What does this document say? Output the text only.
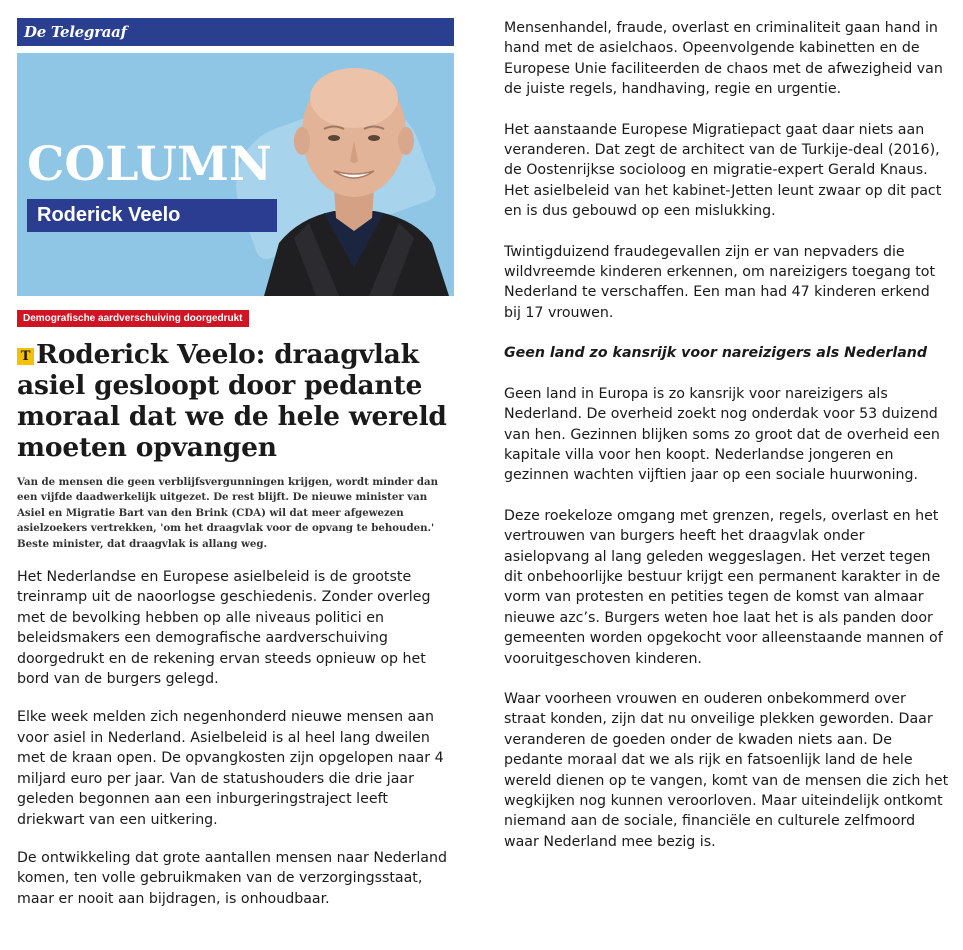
De Telegraaf
COLUMN
Roderick Veelo
Demografische aardverschuiving doorgedrukt
T Roderick Veelo: draagvlak asiel gesloopt door pedante moraal dat we de hele wereld moeten opvangen

Van de mensen die geen verblijfsvergunningen krijgen, wordt minder dan een vijfde daadwerkelijk uitgezet. De rest blijft. De nieuwe minister van Asiel en Migratie Bart van den Brink (CDA) wil dat meer afgewezen asielzoekers vertrekken, 'om het draagvlak voor de opvang te behouden.' Beste minister, dat draagvlak is allang weg.

Het Nederlandse en Europese asielbeleid is de grootste treinramp uit de naoorlogse geschiedenis. Zonder overleg met de bevolking hebben op alle niveaus politici en beleidsmakers een demografische aardverschuiving doorgedrukt en de rekening ervan steeds opnieuw op het bord van de burgers gelegd.

Elke week melden zich negenhonderd nieuwe mensen aan voor asiel in Nederland. Asielbeleid is al heel lang dweilen met de kraan open. De opvangkosten zijn opgelopen naar 4 miljard euro per jaar. Van de statushouders die drie jaar geleden begonnen aan een inburgeringstraject leeft driekwart van een uitkering.

De ontwikkeling dat grote aantallen mensen naar Nederland komen, ten volle gebruikmaken van de verzorgingsstaat, maar er nooit aan bijdragen, is onhoudbaar.

Mensenhandel, fraude, overlast en criminaliteit gaan hand in hand met de asielchaos. Opeenvolgende kabinetten en de Europese Unie faciliteerden de chaos met de afwezigheid van de juiste regels, handhaving, regie en urgentie.

Het aanstaande Europese Migratiepact gaat daar niets aan veranderen. Dat zegt de architect van de Turkije-deal (2016), de Oostenrijkse socioloog en migratie-expert Gerald Knaus. Het asielbeleid van het kabinet-Jetten leunt zwaar op dit pact en is dus gebouwd op een mislukking.

Twintigduizend fraudegevallen zijn er van nepvaders die wildvreemde kinderen erkennen, om nareizigers toegang tot Nederland te verschaffen. Een man had 47 kinderen erkend bij 17 vrouwen.

Geen land zo kansrijk voor nareizigers als Nederland

Geen land in Europa is zo kansrijk voor nareizigers als Nederland. De overheid zoekt nog onderdak voor 53 duizend van hen. Gezinnen blijken soms zo groot dat de overheid een kapitale villa voor hen koopt. Nederlandse jongeren en gezinnen wachten vijftien jaar op een sociale huurwoning.

Deze roekeloze omgang met grenzen, regels, overlast en het vertrouwen van burgers heeft het draagvlak onder asielopvang al lang geleden weggeslagen. Het verzet tegen dit onbehoorlijke bestuur krijgt een permanent karakter in de vorm van protesten en petities tegen de komst van almaar nieuwe azc’s. Burgers weten hoe laat het is als panden door gemeenten worden opgekocht voor alleenstaande mannen of vooruitgeschoven kinderen.

Waar voorheen vrouwen en ouderen onbekommerd over straat konden, zijn dat nu onveilige plekken geworden. Daar veranderen de goeden onder de kwaden niets aan. De pedante moraal dat we als rijk en fatsoenlijk land de hele wereld dienen op te vangen, komt van de mensen die zich het wegkijken nog kunnen veroorloven. Maar uiteindelijk ontkomt niemand aan de sociale, financiële en culturele zelfmoord waar Nederland mee bezig is.
